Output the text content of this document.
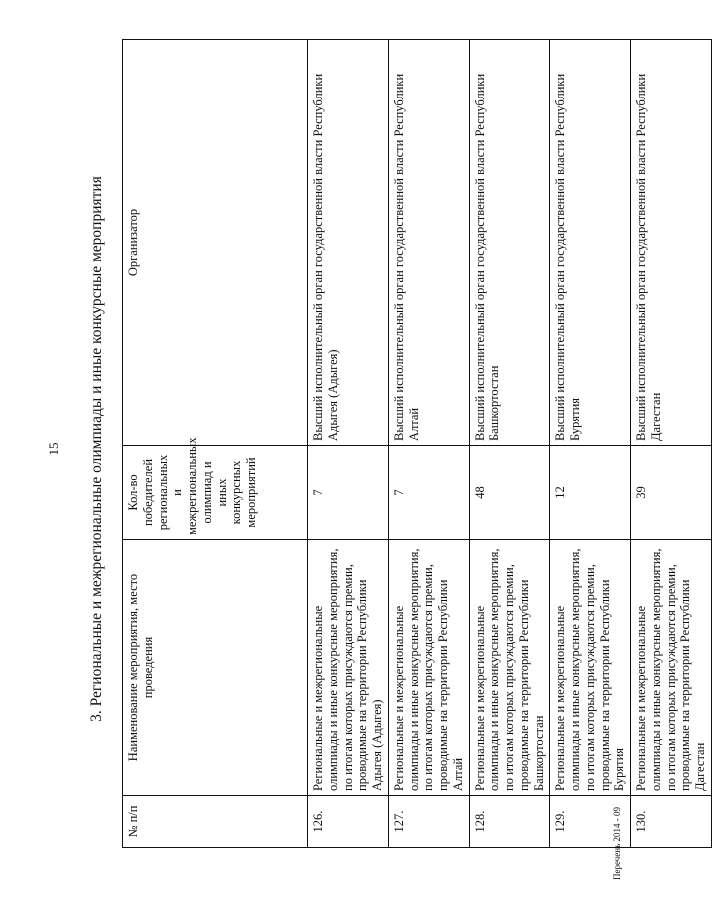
15 3. Региональные и межрегиональные олимпиады и иные конкурсные мероприятия
№ п/п	Наименование мероприятия, место проведения	Кол-во победителей региональных и межрегиональных олимпиад и иных конкурсных мероприятий	Организатор
126.	Региональные и межрегиональные олимпиады и иные конкурсные мероприятия, по итогам которых присуждаются премии, проводимые на территории Республики Адыгея (Адыгея)	7	Высший исполнительный орган государственной власти Республики Адыгея (Адыгея)
127.	Региональные и межрегиональные олимпиады и иные конкурсные мероприятия, по итогам которых присуждаются премии, проводимые на территории Республики Алтай	7	Высший исполнительный орган государственной власти Республики Алтай
128.	Региональные и межрегиональные олимпиады и иные конкурсные мероприятия, по итогам которых присуждаются премии, проводимые на территории Республики Башкортостан	48	Высший исполнительный орган государственной власти Республики Башкортостан
129.	Региональные и межрегиональные олимпиады и иные конкурсные мероприятия, по итогам которых присуждаются премии, проводимые на территории Республики Бурятия	12	Высший исполнительный орган государственной власти Республики Бурятия
130.	Региональные и межрегиональные олимпиады и иные конкурсные мероприятия, по итогам которых присуждаются премии, проводимые на территории Республики Дагестан	39	Высший исполнительный орган государственной власти Республики Дагестан
Перечень 2014 - 09
